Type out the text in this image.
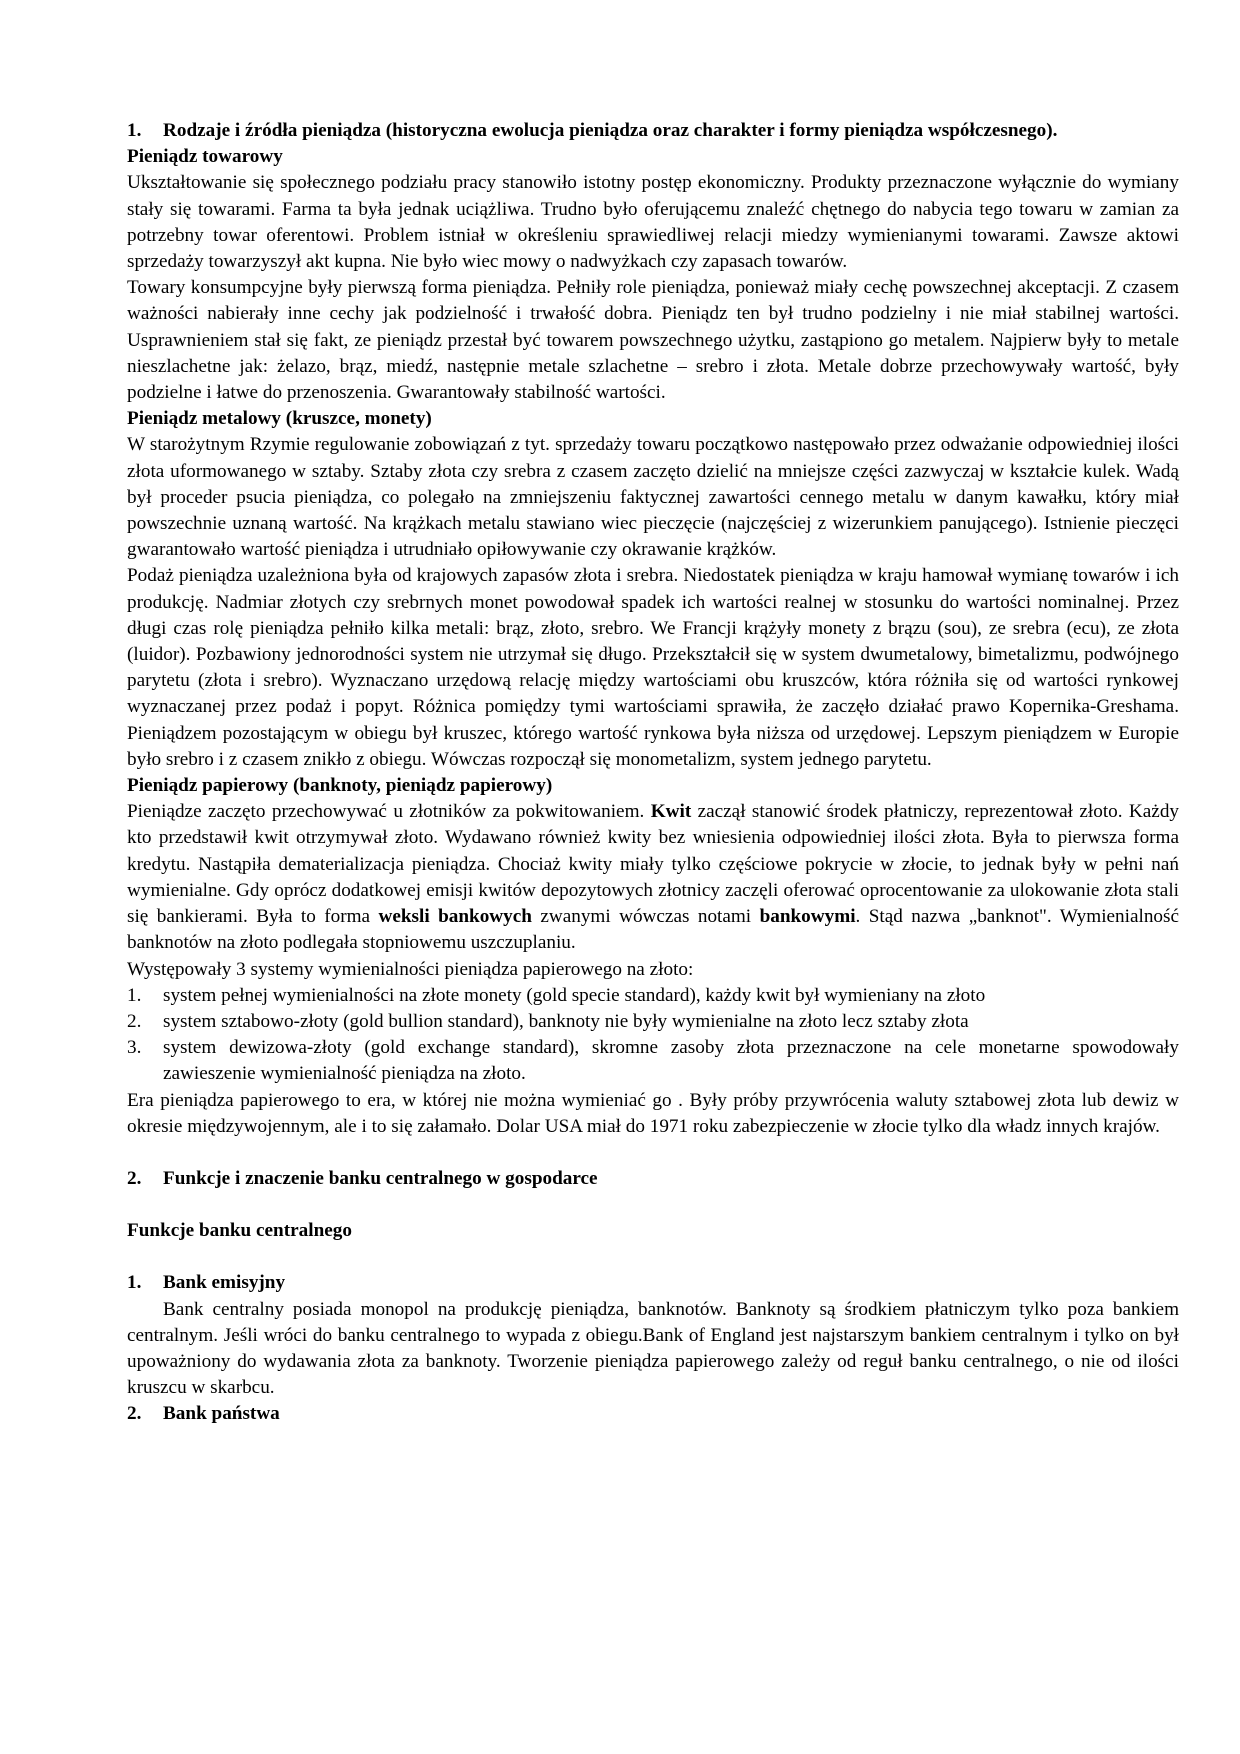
1.	Rodzaje i źródła pieniądza (historyczna ewolucja pieniądza oraz charakter i formy pieniądza współczesnego).
Pieniądz towarowy

Ukształtowanie się społecznego podziału pracy stanowiło istotny postęp ekonomiczny. Produkty przeznaczone wyłącznie do wymiany stały się towarami. Farma ta była jednak uciążliwa. Trudno było oferującemu znaleźć chętnego do nabycia tego towaru w zamian za potrzebny towar oferentowi. Problem istniał w określeniu sprawiedliwej relacji miedzy wymienianymi towarami. Zawsze aktowi sprzedaży towarzyszył akt kupna. Nie było wiec mowy o nadwyżkach czy zapasach towarów.

Towary konsumpcyjne były pierwszą forma pieniądza. Pełniły role pieniądza, ponieważ miały cechę powszechnej akceptacji. Z czasem ważności nabierały inne cechy jak podzielność i trwałość dobra. Pieniądz ten był trudno podzielny i nie miał stabilnej wartości. Usprawnieniem stał się fakt, ze pieniądz przestał być towarem powszechnego użytku, zastąpiono go metalem. Najpierw były to metale nieszlachetne jak: żelazo, brąz, miedź, następnie metale szlachetne – srebro i złota. Metale dobrze przechowywały wartość, były podzielne i łatwe do przenoszenia. Gwarantowały stabilność wartości.

Pieniądz metalowy (kruszce, monety)

W starożytnym Rzymie regulowanie zobowiązań z tyt. sprzedaży towaru początkowo następowało przez odważanie odpowiedniej ilości złota uformowanego w sztaby. Sztaby złota czy srebra z czasem zaczęto dzielić na mniejsze części zazwyczaj w kształcie kulek. Wadą był proceder psucia pieniądza, co polegało na zmniejszeniu faktycznej zawartości cennego metalu w danym kawałku, który miał powszechnie uznaną wartość. Na krążkach metalu stawiano wiec pieczęcie (najczęściej z wizerunkiem panującego). Istnienie pieczęci gwarantowało wartość pieniądza i utrudniało opiłowywanie czy okrawanie krążków.

Podaż pieniądza uzależniona była od krajowych zapasów złota i srebra. Niedostatek pieniądza w kraju hamował wymianę towarów i ich produkcję. Nadmiar złotych czy srebrnych monet powodował spadek ich wartości realnej w stosunku do wartości nominalnej. Przez długi czas rolę pieniądza pełniło kilka metali: brąz, złoto, srebro. We Francji krążyły monety z brązu (sou), ze srebra (ecu), ze złota (luidor). Pozbawiony jednorodności system nie utrzymał się długo. Przekształcił się w system dwumetalowy, bimetalizmu, podwójnego parytetu (złota i srebro). Wyznaczano urzędową relację między wartościami obu kruszców, która różniła się od wartości rynkowej wyznaczanej przez podaż i popyt. Różnica pomiędzy tymi wartościami sprawiła, że zaczęło działać prawo Kopernika-Greshama. Pieniądzem pozostającym w obiegu był kruszec, którego wartość rynkowa była niższa od urzędowej. Lepszym pieniądzem w Europie było srebro i z czasem znikło z obiegu. Wówczas rozpoczął się monometalizm, system jednego parytetu.

Pieniądz papierowy (banknoty, pieniądz papierowy)

Pieniądze zaczęto przechowywać u złotników za pokwitowaniem. Kwit zaczął stanowić środek płatniczy, reprezentował złoto. Każdy kto przedstawił kwit otrzymywał złoto. Wydawano również kwity bez wniesienia odpowiedniej ilości złota. Była to pierwsza forma kredytu. Nastąpiła dematerializacja pieniądza. Chociaż kwity miały tylko częściowe pokrycie w złocie, to jednak były w pełni nań wymienialne. Gdy oprócz dodatkowej emisji kwitów depozytowych złotnicy zaczęli oferować oprocentowanie za ulokowanie złota stali się bankierami. Była to forma weksli bankowych zwanymi wówczas notami bankowymi. Stąd nazwa „banknot". Wymienialność banknotów na złoto podlegała stopniowemu uszczuplaniu.

Występowały 3 systemy wymienialności pieniądza papierowego na złoto:

1.	system pełnej wymienialności na złote monety (gold specie standard), każdy kwit był wymieniany na złoto
2.	system sztabowo-złoty (gold bullion standard), banknoty nie były wymienialne na złoto lecz sztaby złota
3.	system dewizowa-złoty (gold exchange standard), skromne zasoby złota przeznaczone na cele monetarne spowodowały zawieszenie wymienialność pieniądza na złoto.

Era pieniądza papierowego to era, w której nie można wymieniać go . Były próby przywrócenia waluty sztabowej złota lub dewiz w okresie międzywojennym, ale i to się załamało. Dolar USA miał do 1971 roku zabezpieczenie w złocie tylko dla władz innych krajów.

2.	Funkcje i znaczenie banku centralnego w gospodarce
Funkcje banku centralnego
1.	Bank emisyjny

Bank centralny posiada monopol na produkcję pieniądza, banknotów. Banknoty są środkiem płatniczym tylko poza bankiem centralnym. Jeśli wróci do banku centralnego to wypada z obiegu.Bank of England jest najstarszym bankiem centralnym i tylko on był upoważniony do wydawania złota za banknoty. Tworzenie pieniądza papierowego zależy od reguł banku centralnego, o nie od ilości kruszcu w skarbcu.

2.	Bank państwa
